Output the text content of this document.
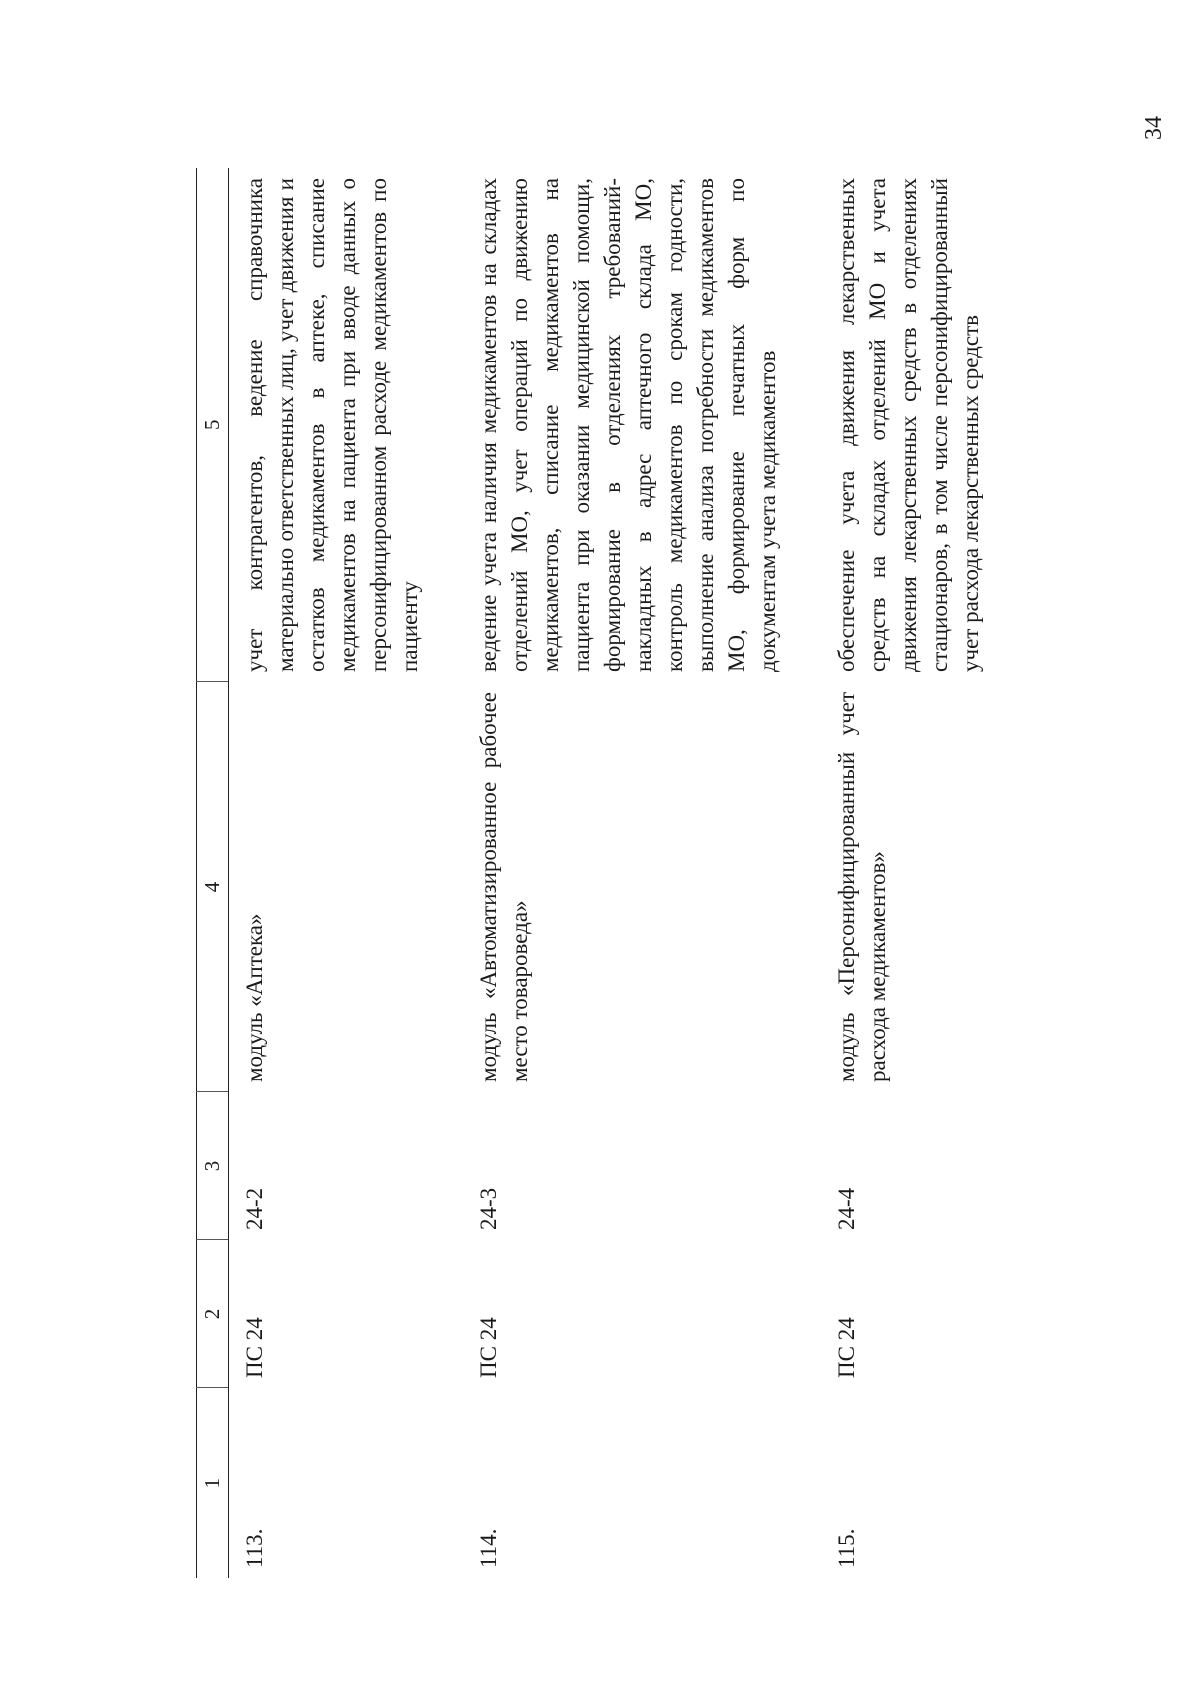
34
1	2	3	4	5
113.	ПС 24	24-2	модуль «Аптека»	учет контрагентов, ведение справочника материально ответственных лиц, учет движения и остатков медикаментов в аптеке, списание медикаментов на пациента при вводе данных о персонифицированном расходе медикаментов по пациенту
114.	ПС 24	24-3	модуль «Автоматизированное рабочее место товароведа»	ведение учета наличия медикаментов на складах отделений МО, учет операций по движению медикаментов, списание медикаментов на пациента при оказании медицинской помощи, формирование в отделениях требований-накладных в адрес аптечного склада МО, контроль медикаментов по срокам годности, выполнение анализа потребности медикаментов МО, формирование печатных форм по документам учета медикаментов
115.	ПС 24	24-4	модуль «Персонифицированный учет расхода медикаментов»	обеспечение учета движения лекарственных средств на складах отделений МО и учета движения лекарственных средств в отделениях стационаров, в том числе персонифицированный учет расхода лекарственных средств
